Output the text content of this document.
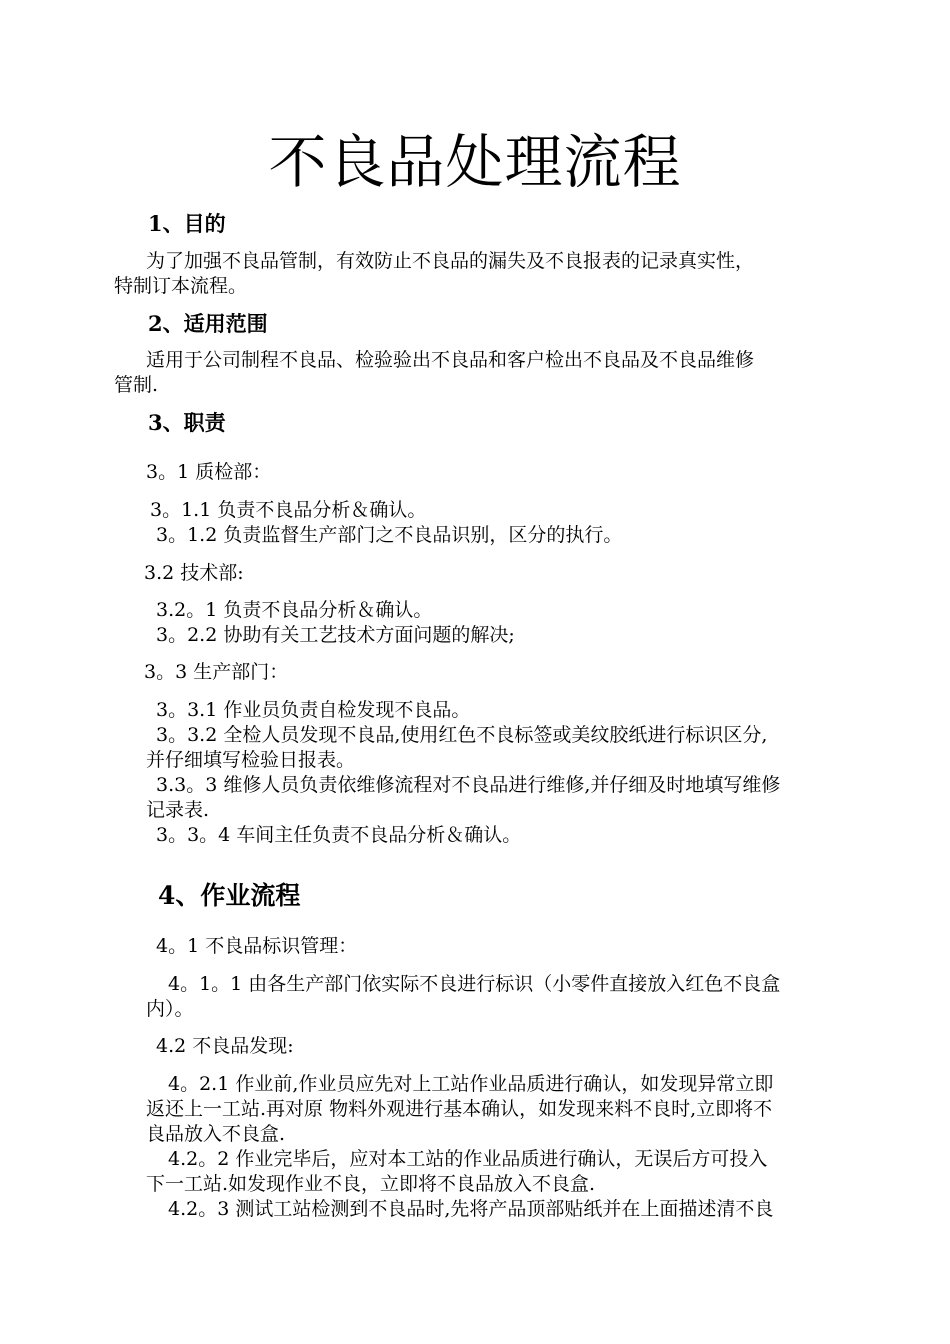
不良品处理流程
1、目的
为了加强不良品管制，有效防止不良品的漏失及不良报表的记录真实性，
特制订本流程。
2、适用范围
适用于公司制程不良品、检验验出不良品和客户检出不良品及不良品维修
管制.
3、职责
3。1 质检部：
3。1.1 负责不良品分析＆确认。
3。1.2 负责监督生产部门之不良品识别，区分的执行。
3.2 技术部:
3.2。1 负责不良品分析＆确认。
3。2.2 协助有关工艺技术方面问题的解决;
3。3 生产部门：
3。3.1 作业员负责自检发现不良品。
3。3.2 全检人员发现不良品,使用红色不良标签或美纹胶纸进行标识区分,
并仔细填写检验日报表。
3.3。3 维修人员负责依维修流程对不良品进行维修,并仔细及时地填写维修
记录表.
3。3。4 车间主任负责不良品分析＆确认。
4、作业流程
4。1 不良品标识管理：
4。1。1 由各生产部门依实际不良进行标识（小零件直接放入红色不良盒
内）。
4.2 不良品发现:
4。2.1 作业前,作业员应先对上工站作业品质进行确认，如发现异常立即
返还上一工站.再对原 物料外观进行基本确认，如发现来料不良时,立即将不
良品放入不良盒.
4.2。2 作业完毕后，应对本工站的作业品质进行确认，无误后方可投入
下一工站.如发现作业不良，立即将不良品放入不良盒.
4.2。3 测试工站检测到不良品时,先将产品顶部贴纸并在上面描述清不良
